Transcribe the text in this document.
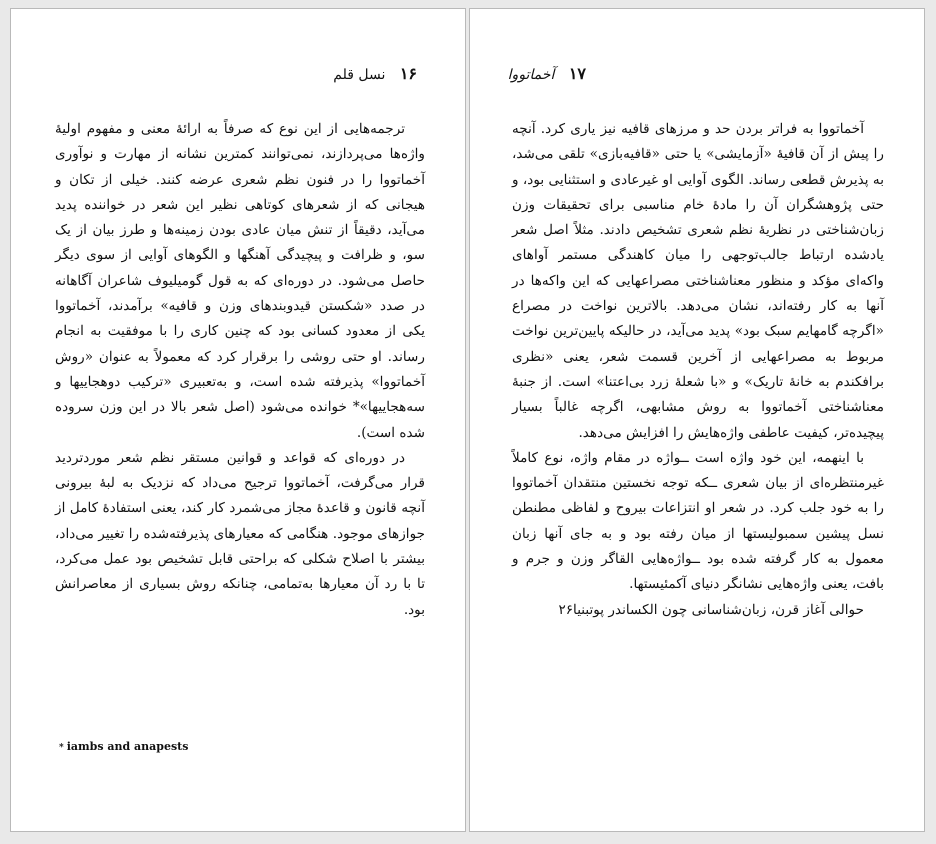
۱۶ نسل قلم

ترجمه‌هایی از این نوع که صرفاً به ارائهٔ معنی و مفهوم اولیهٔ واژه‌ها می‌پردازند، نمی‌توانند کمترین نشانه از مهارت و نوآوری آخماتووا را در فنون نظم شعری عرضه کنند. خیلی از تکان و هیجانی که از شعرهای کوتاهی نظیر این شعر در خواننده پدید می‌آید، دقیقاً از تنش میان عادی بودن زمینه‌ها و طرز بیان از یک سو، و ظرافت و پیچیدگی آهنگها و الگوهای آوایی از سوی دیگر حاصل می‌شود. در دوره‌ای که به قول گومیلیوف شاعران آگاهانه در صدد «شکستن قیدوبندهای وزن و قافیه» برآمدند، آخماتووا یکی از معدود کسانی بود که چنین کاری را با موفقیت به انجام رساند. او حتی روشی را برقرار کرد که معمولاً به عنوان «روش آخماتووا» پذیرفته شده است، و به‌تعبیری «ترکیب دوهجاییها و سه‌هجاییها»* خوانده می‌شود (اصل شعر بالا در این وزن سروده شده است).

در دوره‌ای که قواعد و قوانین مستقر نظم شعر موردتردید قرار می‌گرفت، آخماتووا ترجیح می‌داد که نزدیک به لبهٔ بیرونی آنچه قانون و قاعدهٔ مجاز می‌شمرد کار کند، یعنی استفادهٔ کامل از جوازهای موجود. هنگامی که معیارهای پذیرفته‌شده را تغییر می‌داد، بیشتر با اصلاح شکلی که براحتی قابل تشخیص بود عمل می‌کرد، تا با رد آن معیارها به‌تمامی، چنانکه روش بسیاری از معاصرانش بود.

* iambs and anapests
۱۷ آخماتووا

آخماتووا به فراتر بردن حد و مرزهای قافیه نیز یاری کرد. آنچه را پیش از آن قافیهٔ «آزمایشی» یا حتی «قافیه‌بازی» تلقی می‌شد، به پذیرش قطعی رساند. الگوی آوایی او غیرعادی و استثنایی بود، و حتی پژوهشگران آن را مادهٔ خام مناسبی برای تحقیقات وزن زبان‌شناختی در نظریهٔ نظم شعری تشخیص دادند. مثلاً اصل شعر یادشده ارتباط جالب‌توجهی را میان کاهندگی مستمر آواهای واکه‌ای مؤکد و منظور معناشناختی مصراعهایی که این واکه‌ها در آنها به کار رفته‌اند، نشان می‌دهد. بالاترین نواخت در مصراع «اگرچه گامهایم سبک بود» پدید می‌آید، در حالیکه پایین‌ترین نواخت مربوط به مصراعهایی از آخرین قسمت شعر، یعنی «نظری برافکندم به خانهٔ تاریک» و «با شعلهٔ زرد بی‌اعتنا» است. از جنبهٔ معناشناختی آخماتووا به روش مشابهی، اگرچه غالباً بسیار پیچیده‌تر، کیفیت عاطفی واژه‌هایش را افزایش می‌دهد.

با اینهمه، این خود واژه است ــواژه در مقام واژه، نوع کاملاً غیرمنتظره‌ای از بیان شعری ــکه توجه نخستین منتقدان آخماتووا را به خود جلب کرد. در شعر او انتزاعات بیروح و لفاظی مطنطن نسل پیشین سمبولیستها از میان رفته بود و به جای آنها زبان معمول به کار گرفته شده بود ــواژه‌هایی القاگر وزن و جرم و بافت، یعنی واژه‌هایی نشانگر دنیای آکمئیستها.

حوالی آغاز قرن، زبان‌شناسانی چون الکساندر پوتبنیا۲۶
